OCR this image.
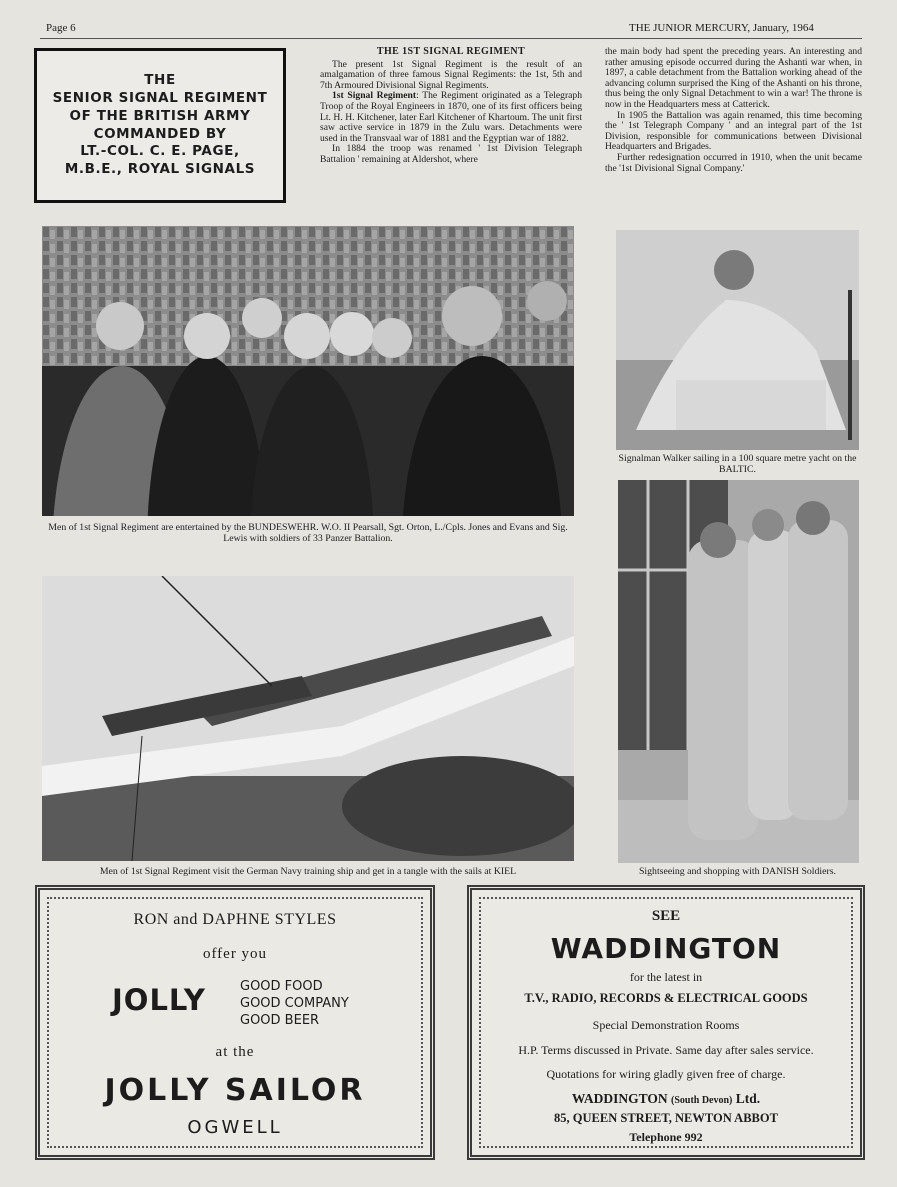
Page 6	THE JUNIOR MERCURY, January, 1964
THE
SENIOR SIGNAL REGIMENT
OF THE BRITISH ARMY
COMMANDED BY
LT.-COL. C. E. PAGE,
M.B.E., ROYAL SIGNALS
THE 1ST SIGNAL REGIMENT

The present 1st Signal Regiment is the result of an amalgamation of three famous Signal Regiments: the 1st, 5th and 7th Armoured Divisional Signal Regiments.

1st Signal Regiment: The Regiment originated as a Telegraph Troop of the Royal Engineers in 1870, one of its first officers being Lt. H. H. Kitchener, later Earl Kitchener of Khartoum. The unit first saw active service in 1879 in the Zulu wars. Detachments were used in the Transvaal war of 1881 and the Egyptian war of 1882.

In 1884 the troop was renamed ' 1st Division Telegraph Battalion ' remaining at Aldershot, where

the main body had spent the preceding years. An interesting and rather amusing episode occurred during the Ashanti war when, in 1897, a cable detachment from the Battalion working ahead of the advancing column surprised the King of the Ashanti on his throne, thus being the only Signal Detachment to win a war! The throne is now in the Headquarters mess at Catterick.

In 1905 the Battalion was again renamed, this time becoming the ' 1st Telegraph Company ' and an integral part of the 1st Division, responsible for communications between Divisional Headquarters and Brigades.

Further redesignation occurred in 1910, when the unit became the '1st Divisional Signal Company.'

Men of 1st Signal Regiment are entertained by the BUNDESWEHR. W.O. II Pearsall, Sgt. Orton, L./Cpls. Jones and Evans and Sig. Lewis with soldiers of 33 Panzer Battalion.
Signalman Walker sailing in a 100 square metre yacht on the BALTIC.
Men of 1st Signal Regiment visit the German Navy training ship and get in a tangle with the sails at KIEL	Sightseeing and shopping with DANISH Soldiers.
RON and DAPHNE STYLES
offer you
JOLLY	GOOD FOOD
GOOD COMPANY
GOOD BEER
at the
JOLLY SAILOR
OGWELL
SEE
WADDINGTON
for the latest in
T.V., RADIO, RECORDS & ELECTRICAL GOODS
Special Demonstration Rooms
H.P. Terms discussed in Private. Same day after sales service.
Quotations for wiring gladly given free of charge.
WADDINGTON (South Devon) Ltd.
85, QUEEN STREET, NEWTON ABBOT
Telephone 992
